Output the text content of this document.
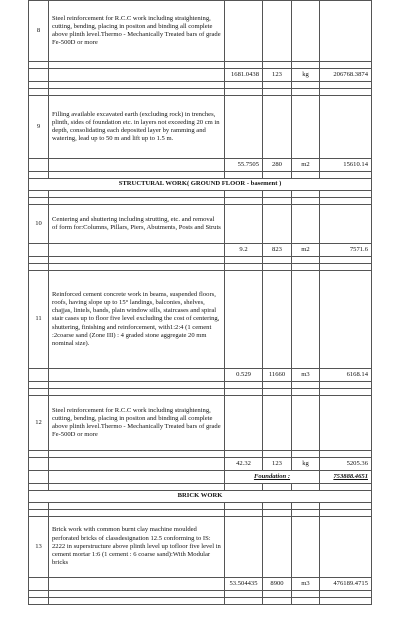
8	Steel reinforcement for R.C.C work including straightening, cutting, bending, placing in positon and binding all complete above plinth level.Thermo - Mechanically Treated bars of grade Fe-500D or more				

		1681.0438	123	kg	206768.3874

9	Filling available excavated earth (excluding rock) in trenches, plinth, sides of foundation etc. in layers not exceeding 20 cm in depth, consolidating each deposited layer by ramming and watering, lead up to 50 m and lift up to 1.5 m.				
		55.7505	280	m2	15610.14

STRUCTURAL WORK( GROUND FLOOR - basement )					

10	Centering and shuttering including strutting, etc. and removal of form for:Columns, Pillars, Piers, Abutments, Posts and Struts				
		9.2	823	m2	7571.6

11	Reinforced cement concrete work in beams, suspended floors, roofs, having slope up to 15° landings, balconies, shelves, chajjas, lintels, bands, plain window sills, staircases and spiral stair cases up to floor five level excluding the cost of centering, shuttering, finishing and reinforcement, with1:2:4 (1 cement :2coarse sand (Zone III) : 4 graded stone aggregate 20 mm nominal size).				
		0.529	11660	m3	6168.14

12	Steel reinforcement for R.C.C work including straightening, cutting, bending, placing in positon and binding all complete above plinth level.Thermo - Mechanically Treated bars of grade Fe-500D or more				

		42.32	123	kg	5205.36
		Foundation :			753888.4651

BRICK WORK					

13	Brick work with common burnt clay machine moulded perforated bricks of classdesignation 12.5 conforming to IS: 2222 in superstructure above plinth level up tofloor five level in cement mortar 1:6 (1 cement : 6 coarse sand):With Modular bricks				
		53.504435	8900	m3	476189.4715
